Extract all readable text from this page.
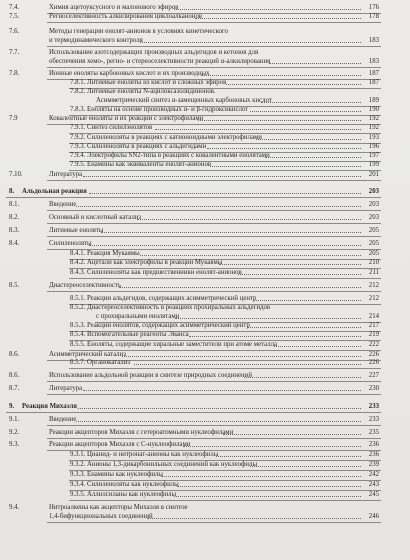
7.4.	Химия ацетоуксусного и малонового эфиров	176
7.5.	Региоселективность алкилирования циклоалканонов	178
7.6.	Методы генерации енолят-анионов в условиях кинетического
и термодинамического контроля	183
7.7.	Использование азотсодержащих производных альдегидов и кетонов для
обеспечения хемо-, регио- и стереоселективности реакций α-алкилирования	183
7.8.	Ионные еноляты карбоновых кислот и их производных	187
7.8.1. Литиевые еноляты из кислот и сложных эфиров	187
7.8.2. Литиевые еноляты N-ацилоксазолидинонов.
Асимметрический синтез α-замещенных карбоновых кислот	189
7.8.3. Еноляты на основе производных α- и β-гидроксикислот	190
7.9	Ковалентные еноляты и их реакции с электрофилами	192
7.9.1. Синтез силилэнолятов	192
7.9.2. Силиленоляты в реакциях с катионоидными электрофилами	193
7.9.3. Силиленоляты в реакциях с альдегидами	196
7.9.4. Электрофилы SN2-типа в реакциях с ковалентными енолятами	197
7.9.5. Енамины как эквиваленты енолят-анионов	199
7.10.	Литература	201
8. Альдольная реакция	203
8.1.	Введение	203
8.2.	Основный и кислотный катализ	203
8.3.	Литиевые еноляты	205
8.4.	Силиленоляты	205
8.4.1. Реакция Мукаямы	205
8.4.2. Ацетали как электрофилы в реакции Мукаямы	210
8.4.3. Силиленоляты как предшественники енолят-анионов	211
8.5.	Диастереоселективность	212
8.5.1. Реакции альдегидов, содержащих асимметрический центр	212
8.5.2. Диастереоселективность в реакциях прохиральных альдегидов
с прохиральными енолятами	214
8.5.3. Реакции енолятов, содержащих асимметрический центр	217
8.5.4. Вспомогательные реагенты Эванса	219
8.5.5. Еноляты, содержащие хиральные заместители при атоме металла	222
8.6.	Асимметрический катализ	226
8.5.7. Органокатализ	226
8.6.	Использование альдольной реакции в синтезе природных соединений	227
8.7.	Литература	230
9. Реакция Михаэля	233
9.1.	Введение	233
9.2.	Реакции акцепторов Михаэля с гетероатомными нуклеофилами	235
9.3.	Реакции акцепторов Михаэля с С-нуклеофилами	236
9.3.1. Цианид- и нитронат-анионы как нуклеофилы	236
9.3.2. Анионы 1,3-дикарбонильных соединений как нуклеофилы	239
9.3.3. Енамины как нуклеофилы	242
9.3.4. Силиленоляты как нуклеофилы	243
9.3.5. Аллилсиланы как нуклеофилы	245
9.4.	Нитроалкены как акцепторы Михаэля в синтезе
1,4-бифункциональных соединений	246
